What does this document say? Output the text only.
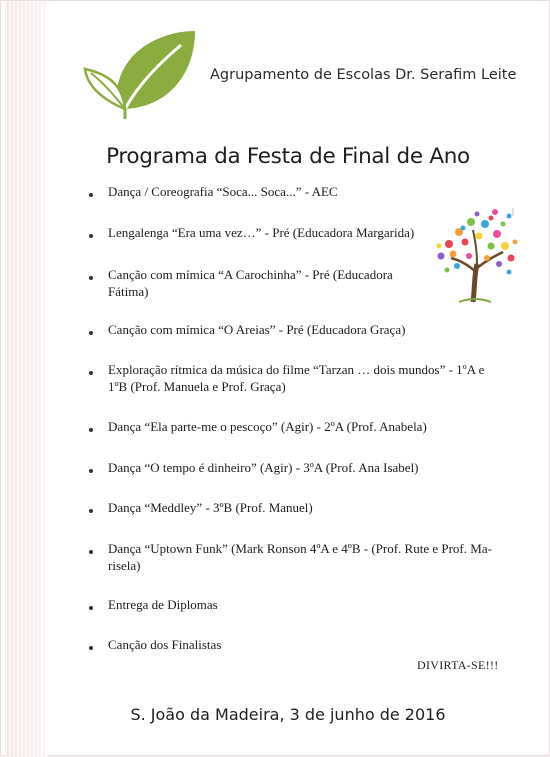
Agrupamento de Escolas Dr. Serafim Leite
Programa da Festa de Final de Ano
Dança / Coreografia “Soca... Soca...” - AEC
Lengalenga “Era uma vez…” - Pré (Educadora Margarida)
Canção com mímica “A Carochinha” - Pré (Educadora
Fátima)
Canção com mímica “O Areias” - Pré (Educadora Graça)
Exploração rítmica da música do filme “Tarzan … dois mundos” - 1ºA e
1ºB (Prof. Manuela e Prof. Graça)
Dança “Ela parte-me o pescoço” (Agir) - 2ºA (Prof. Anabela)
Dança “O tempo é dinheiro” (Agir) - 3ºA (Prof. Ana Isabel)
Dança “Meddley” - 3ºB (Prof. Manuel)
Dança “Uptown Funk” (Mark Ronson 4ºA e 4ºB - (Prof. Rute e Prof. Ma-
risela)
Entrega de Diplomas
Canção dos Finalistas
DIVIRTA-SE!!!
S. João da Madeira, 3 de junho de 2016
